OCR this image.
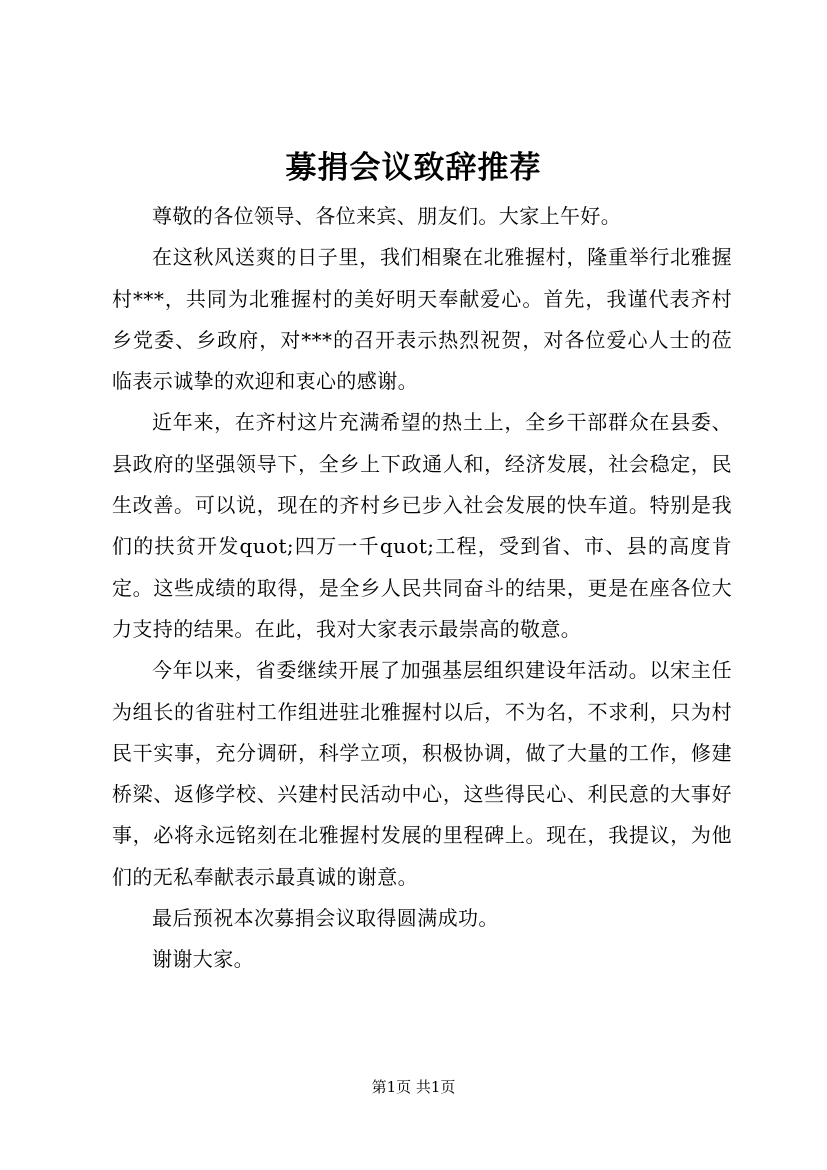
募捐会议致辞推荐

尊敬的各位领导、各位来宾、朋友们。大家上午好。

在这秋风送爽的日子里，我们相聚在北雅握村，隆重举行北雅握村***，共同为北雅握村的美好明天奉献爱心。首先，我谨代表齐村乡党委、乡政府，对***的召开表示热烈祝贺，对各位爱心人士的莅临表示诚挚的欢迎和衷心的感谢。

近年来，在齐村这片充满希望的热土上，全乡干部群众在县委、县政府的坚强领导下，全乡上下政通人和，经济发展，社会稳定，民生改善。可以说，现在的齐村乡已步入社会发展的快车道。特别是我们的扶贫开发quot;四万一千quot;工程，受到省、市、县的高度肯定。这些成绩的取得，是全乡人民共同奋斗的结果，更是在座各位大力支持的结果。在此，我对大家表示最崇高的敬意。

今年以来，省委继续开展了加强基层组织建设年活动。以宋主任为组长的省驻村工作组进驻北雅握村以后，不为名，不求利，只为村民干实事，充分调研，科学立项，积极协调，做了大量的工作，修建桥梁、返修学校、兴建村民活动中心，这些得民心、利民意的大事好事，必将永远铭刻在北雅握村发展的里程碑上。现在，我提议，为他们的无私奉献表示最真诚的谢意。

最后预祝本次募捐会议取得圆满成功。

谢谢大家。

第1页 共1页
